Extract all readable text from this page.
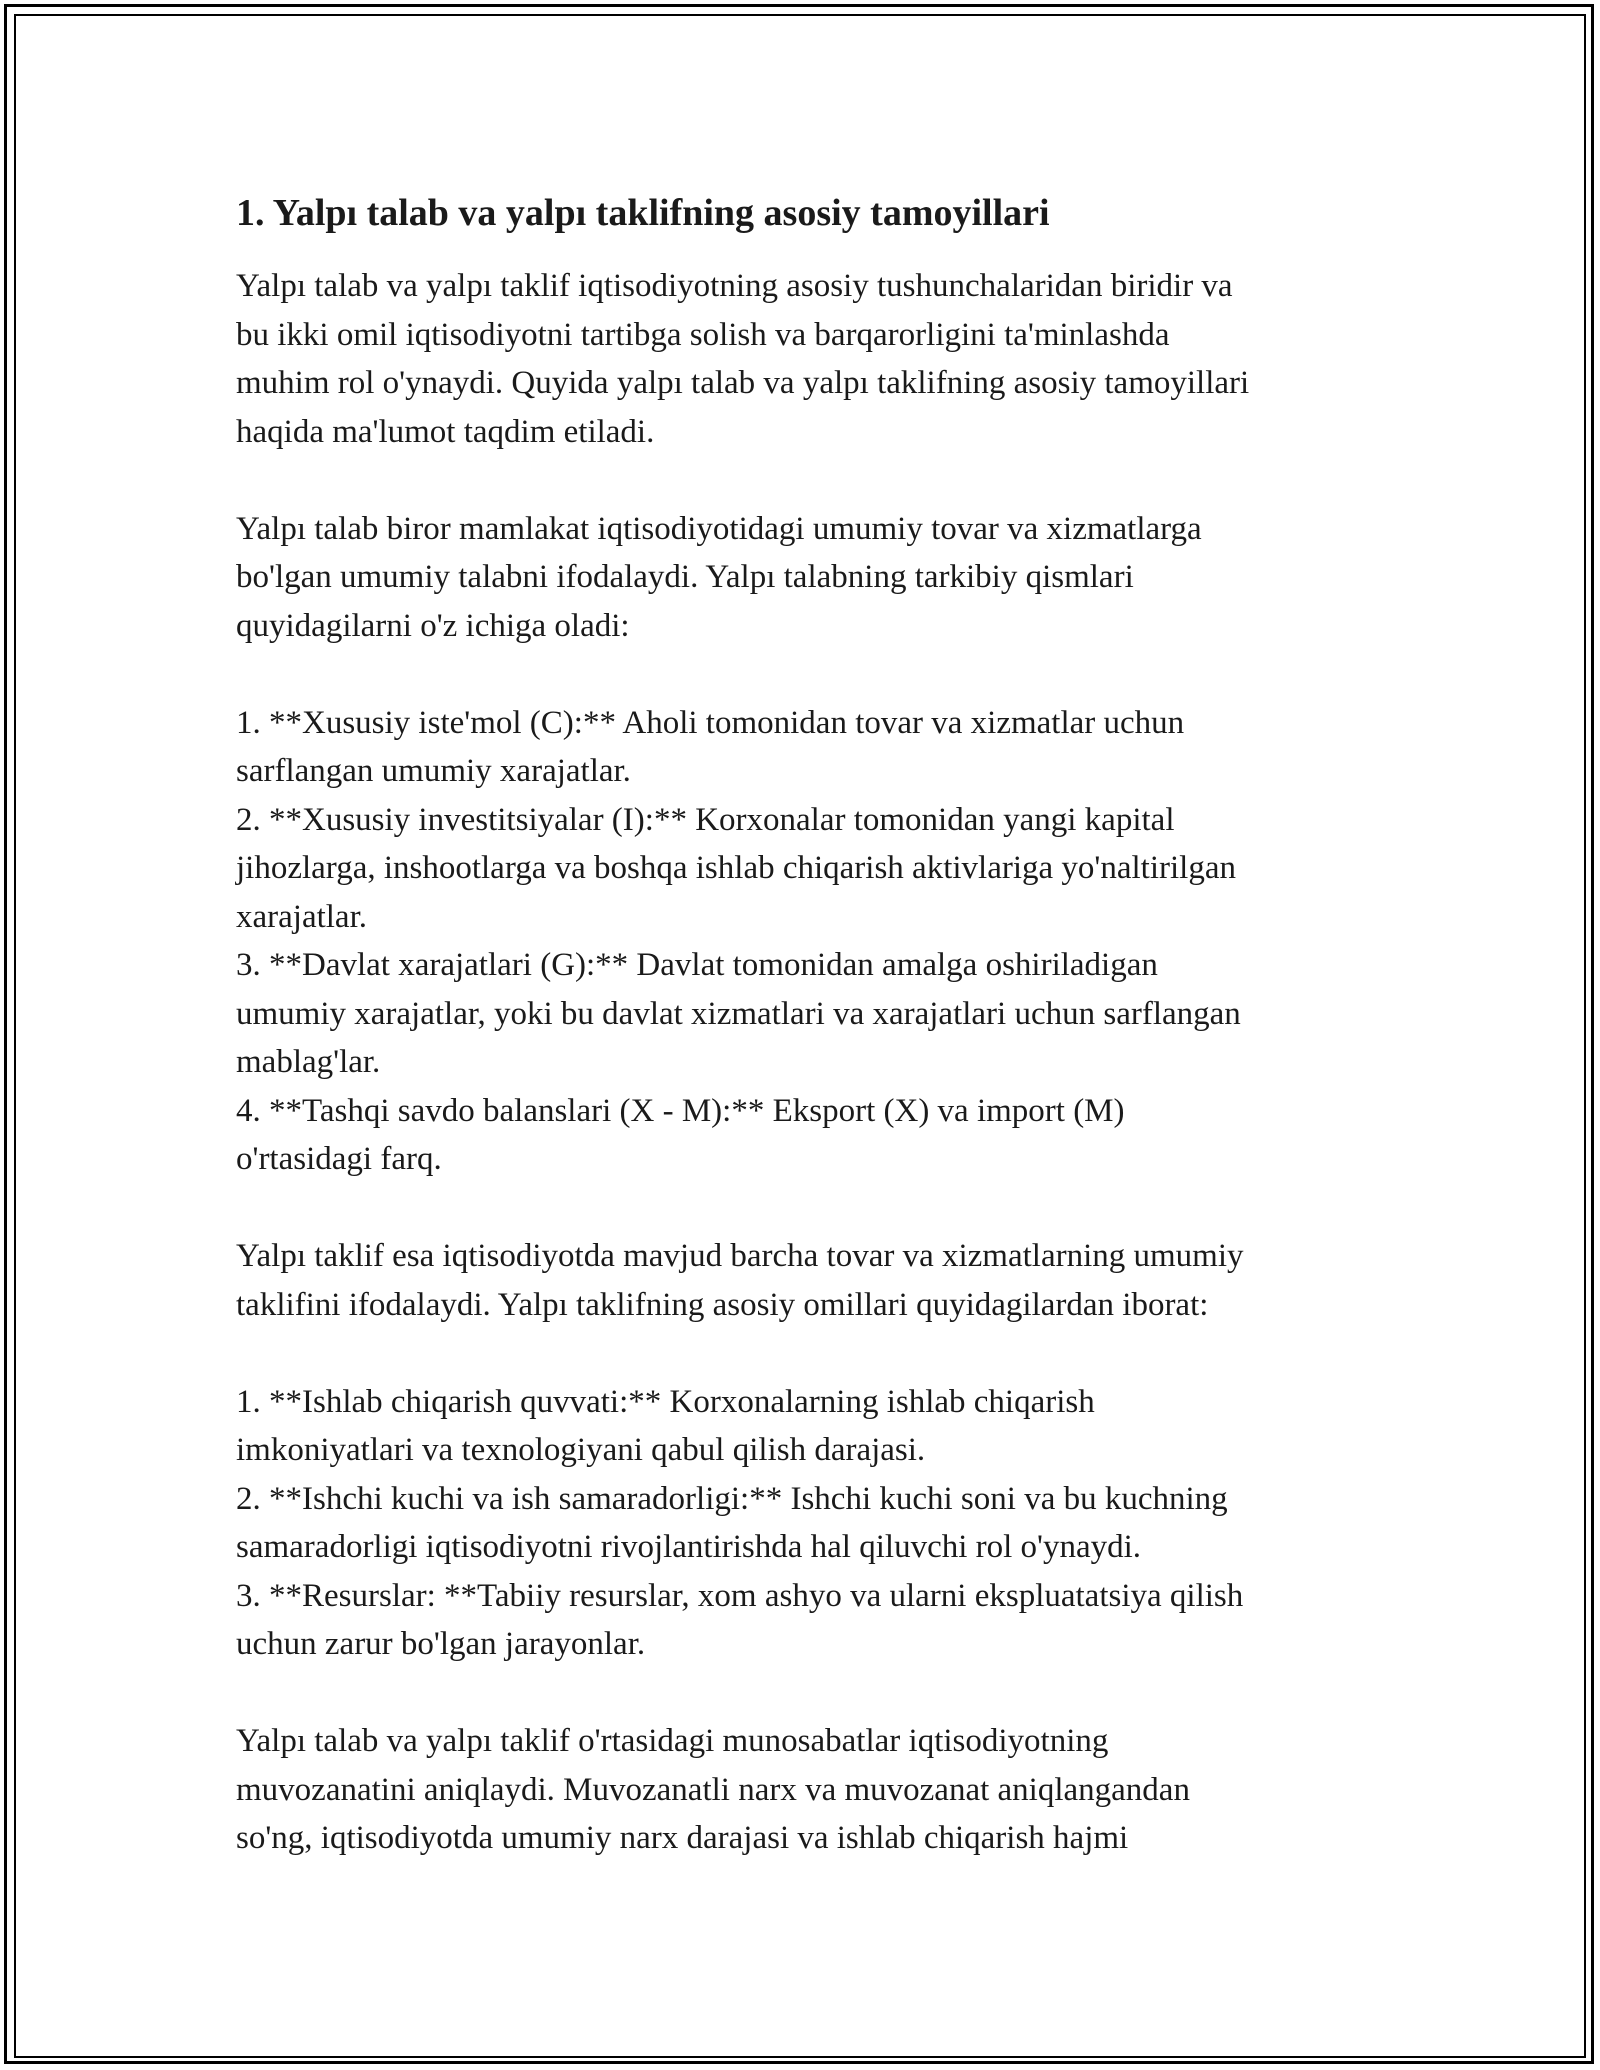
1. Yalpı talab va yalpı taklifning asosiy tamoyillari
Yalpı talab va yalpı taklif iqtisodiyotning asosiy tushunchalaridan biridir va
bu ikki omil iqtisodiyotni tartibga solish va barqarorligini ta'minlashda
muhim rol o'ynaydi. Quyida yalpı talab va yalpı taklifning asosiy tamoyillari
haqida ma'lumot taqdim etiladi.
Yalpı talab biror mamlakat iqtisodiyotidagi umumiy tovar va xizmatlarga
bo'lgan umumiy talabni ifodalaydi. Yalpı talabning tarkibiy qismlari
quyidagilarni o'z ichiga oladi:
1. **Xususiy iste'mol (C):** Aholi tomonidan tovar va xizmatlar uchun
sarflangan umumiy xarajatlar.
2. **Xususiy investitsiyalar (I):** Korxonalar tomonidan yangi kapital
jihozlarga, inshootlarga va boshqa ishlab chiqarish aktivlariga yo'naltirilgan
xarajatlar.
3. **Davlat xarajatlari (G):** Davlat tomonidan amalga oshiriladigan
umumiy xarajatlar, yoki bu davlat xizmatlari va xarajatlari uchun sarflangan
mablag'lar.
4. **Tashqi savdo balanslari (X - M):** Eksport (X) va import (M)
o'rtasidagi farq.
Yalpı taklif esa iqtisodiyotda mavjud barcha tovar va xizmatlarning umumiy
taklifini ifodalaydi. Yalpı taklifning asosiy omillari quyidagilardan iborat:
1. **Ishlab chiqarish quvvati:** Korxonalarning ishlab chiqarish
imkoniyatlari va texnologiyani qabul qilish darajasi.
2. **Ishchi kuchi va ish samaradorligi:** Ishchi kuchi soni va bu kuchning
samaradorligi iqtisodiyotni rivojlantirishda hal qiluvchi rol o'ynaydi.
3. **Resurslar: **Tabiiy resurslar, xom ashyo va ularni ekspluatatsiya qilish
uchun zarur bo'lgan jarayonlar.
Yalpı talab va yalpı taklif o'rtasidagi munosabatlar iqtisodiyotning
muvozanatini aniqlaydi. Muvozanatli narx va muvozanat aniqlangandan
so'ng, iqtisodiyotda umumiy narx darajasi va ishlab chiqarish hajmi
